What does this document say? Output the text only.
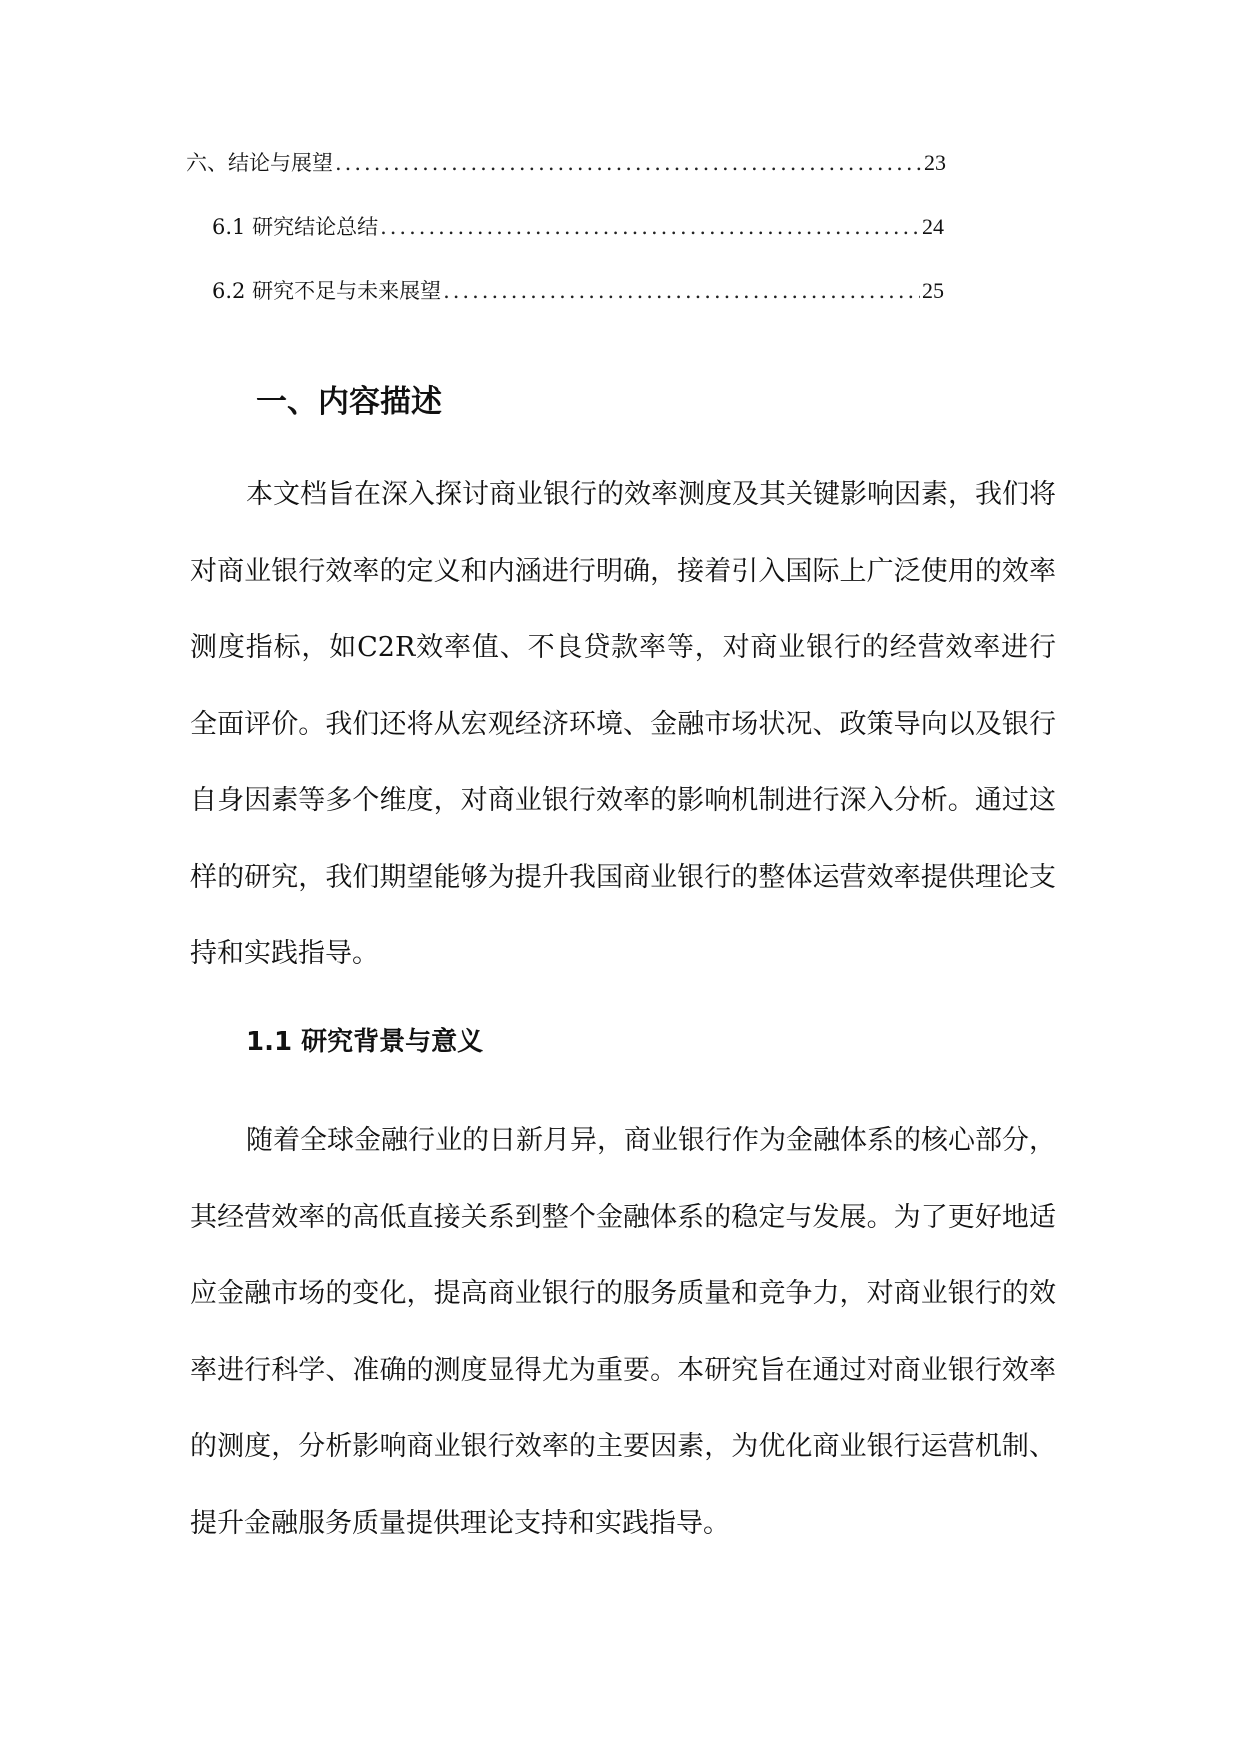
六、结论与展望 .....	23
6.1 研究结论总结 .....	24
6.2 研究不足与未来展望 .....	25
一、内容描述

本文档旨在深入探讨商业银行的效率测度及其关键影响因素，我们将对商业银行效率的定义和内涵进行明确，接着引入国际上广泛使用的效率测度指标，如C2R效率值、不良贷款率等，对商业银行的经营效率进行全面评价。我们还将从宏观经济环境、金融市场状况、政策导向以及银行自身因素等多个维度，对商业银行效率的影响机制进行深入分析。通过这样的研究，我们期望能够为提升我国商业银行的整体运营效率提供理论支持和实践指导。

1.1 研究背景与意义

随着全球金融行业的日新月异，商业银行作为金融体系的核心部分，其经营效率的高低直接关系到整个金融体系的稳定与发展。为了更好地适应金融市场的变化，提高商业银行的服务质量和竞争力，对商业银行的效率进行科学、准确的测度显得尤为重要。本研究旨在通过对商业银行效率的测度，分析影响商业银行效率的主要因素，为优化商业银行运营机制、提升金融服务质量提供理论支持和实践指导。
